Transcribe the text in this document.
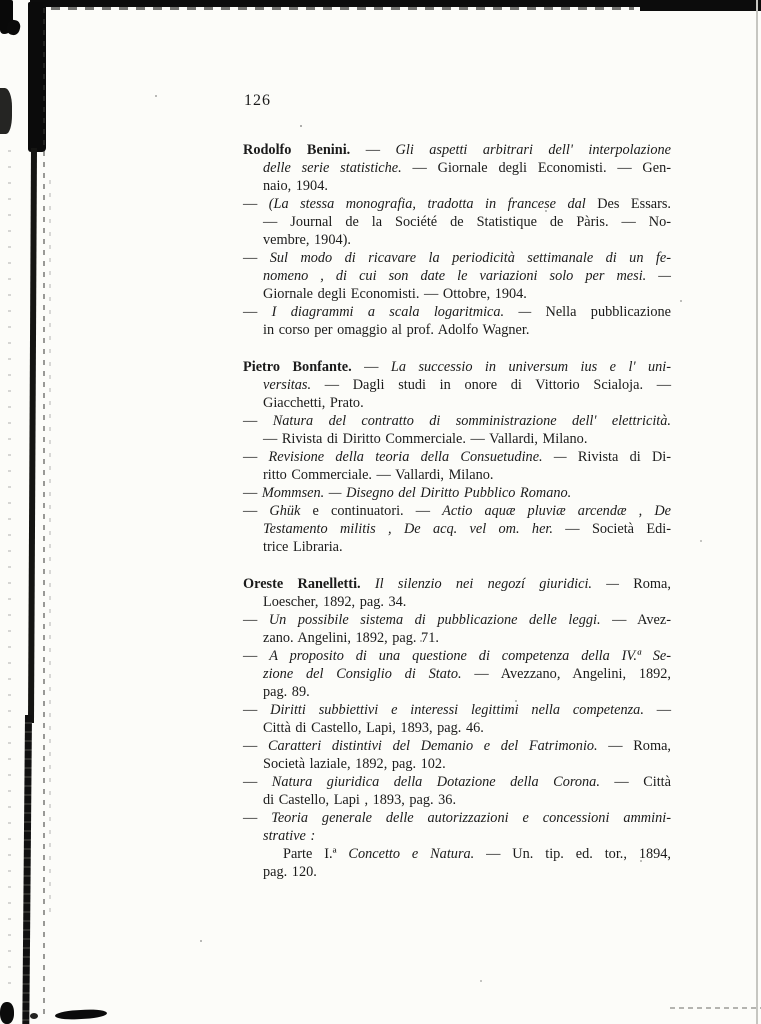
126

Rodolfo Benini. — Gli aspetti arbitrari dell' interpolazione
delle serie statistiche. — Giornale degli Economisti. — Gen-
naio, 1904.

— (La stessa monografia, tradotta in francese dal Des Essars.
— Journal de la Société de Statistique de Pàris. — No-
vembre, 1904).

— Sul modo di ricavare la periodicità settimanale di un fe-
nomeno , di cui son date le variazioni solo per mesi. —
Giornale degli Economisti. — Ottobre, 1904.

— I diagrammi a scala logaritmica. — Nella pubblicazione
in corso per omaggio al prof. Adolfo Wagner.

Pietro Bonfante. — La successio in universum ius e l' uni-
versitas. — Dagli studi in onore di Vittorio Scialoja. —
Giacchetti, Prato.

— Natura del contratto di somministrazione dell' elettricità.
— Rivista di Diritto Commerciale. — Vallardi, Milano.

— Revisione della teoria della Consuetudine. — Rivista di Di-
ritto Commerciale. — Vallardi, Milano.

— Mommsen. — Disegno del Diritto Pubblico Romano.

— Ghük e continuatori. — Actio aquæ pluviæ arcendæ , De
Testamento militis , De acq. vel om. her. — Società Edi-
trice Libraria.

Oreste Ranelletti.  Il silenzio nei negozí giuridici. — Roma,
Loescher, 1892, pag. 34.

— Un possibile sistema di pubblicazione delle leggi. — Avez-
zano. Angelini, 1892, pag. 71.

— A proposito di una questione di competenza della IV.ª Se-
zione del Consiglio di Stato. — Avezzano, Angelini, 1892,
pag. 89.

— Diritti subbiettivi e interessi legittimi nella competenza. —
Città di Castello, Lapi, 1893, pag. 46.

— Caratteri distintivi del Demanio e del Fatrimonio. — Roma,
Società laziale, 1892, pag. 102.

— Natura giuridica della Dotazione della Corona. — Città
di Castello, Lapi , 1893, pag. 36.

— Teoria generale delle autorizzazioni e concessioni ammini-
strative :

Parte I.ª Concetto e Natura. — Un. tip. ed. tor., 1894,
pag. 120.
